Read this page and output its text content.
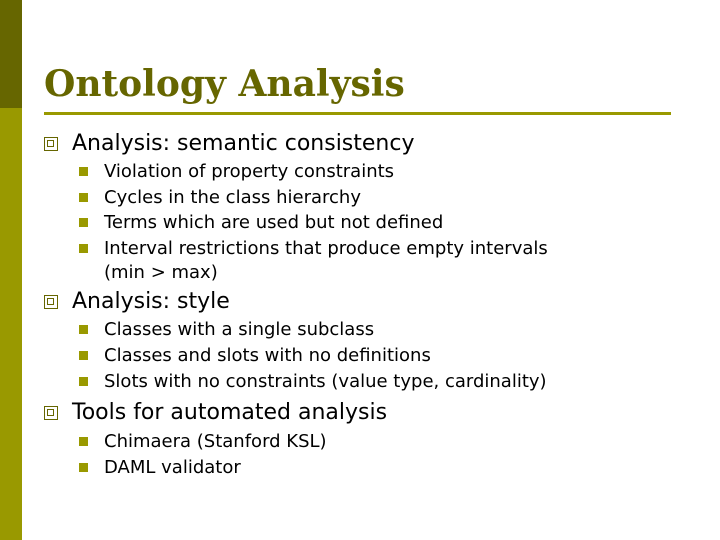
Ontology Analysis
Analysis: semantic consistency
Violation of property constraints
Cycles in the class hierarchy
Terms which are used but not defined
Interval restrictions that produce empty intervals
(min > max)
Analysis: style
Classes with a single subclass
Classes and slots with no definitions
Slots with no constraints (value type, cardinality)
Tools for automated analysis
Chimaera (Stanford KSL)
DAML validator
